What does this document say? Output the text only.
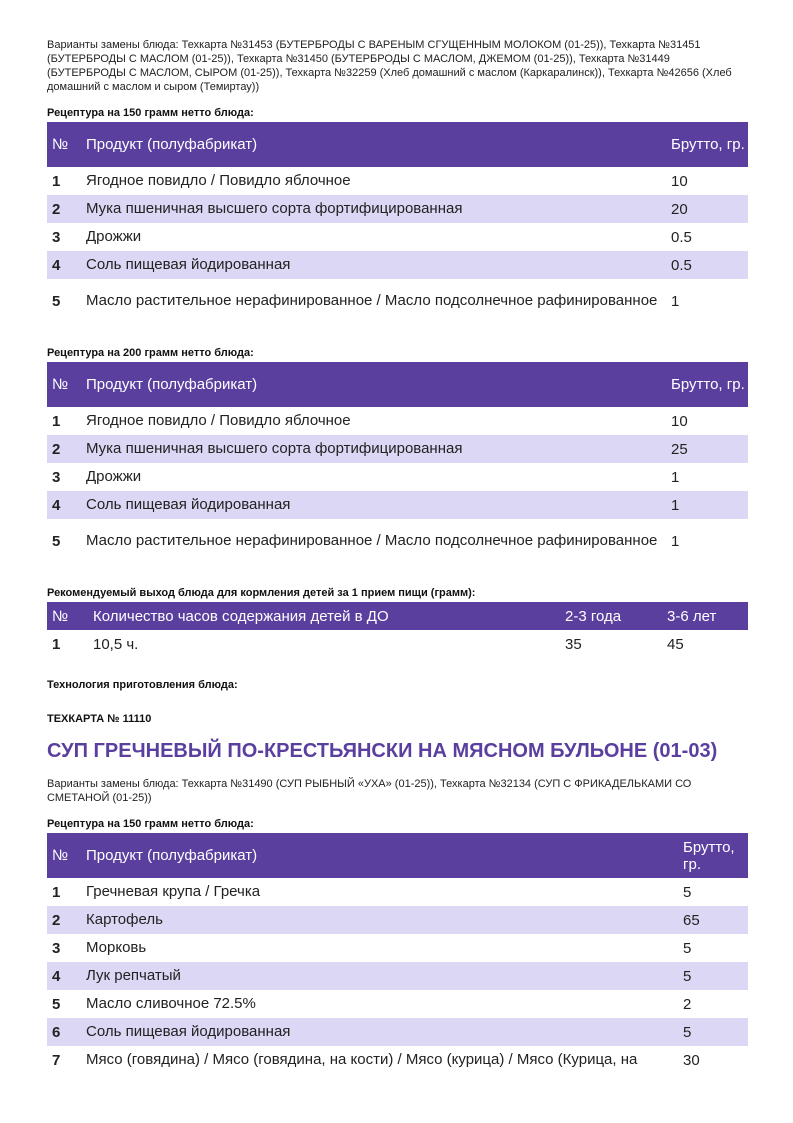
Варианты замены блюда: Техкарта №31453 (БУТЕРБРОДЫ С ВАРЕНЫМ СГУЩЕННЫМ МОЛОКОМ (01-25)), Техкарта №31451 (БУТЕРБРОДЫ С МАСЛОМ (01-25)), Техкарта №31450 (БУТЕРБРОДЫ С МАСЛОМ, ДЖЕМОМ (01-25)), Техкарта №31449 (БУТЕРБРОДЫ С МАСЛОМ, СЫРОМ (01-25)), Техкарта №32259 (Хлеб домашний с маслом (Каркаралинск)), Техкарта №42656 (Хлеб домашний с маслом и сыром (Темиртау))
Рецептура на 150 грамм нетто блюда:
№	Продукт (полуфабрикат)	Брутто, гр.
1	Ягодное повидло / Повидло яблочное	10
2	Мука пшеничная высшего сорта фортифицированная	20
3	Дрожжи	0.5
4	Соль пищевая йодированная	0.5
5	Масло растительное нерафинированное / Масло подсолнечное рафинированное	1
Рецептура на 200 грамм нетто блюда:
№	Продукт (полуфабрикат)	Брутто, гр.
1	Ягодное повидло / Повидло яблочное	10
2	Мука пшеничная высшего сорта фортифицированная	25
3	Дрожжи	1
4	Соль пищевая йодированная	1
5	Масло растительное нерафинированное / Масло подсолнечное рафинированное	1
Рекомендуемый выход блюда для кормления детей за 1 прием пищи (грамм):
№	Количество часов содержания детей в ДО	2-3 года	3-6 лет
1	10,5 ч.	35	45
Технология приготовления блюда:
ТЕХКАРТА № 11110
СУП ГРЕЧНЕВЫЙ ПО-КРЕСТЬЯНСКИ НА МЯСНОМ БУЛЬОНЕ (01-03)
Варианты замены блюда: Техкарта №31490 (СУП РЫБНЫЙ «УХА» (01-25)), Техкарта №32134 (СУП С ФРИКАДЕЛЬКАМИ СО СМЕТАНОЙ (01-25))
Рецептура на 150 грамм нетто блюда:
№	Продукт (полуфабрикат)	Брутто, гр.
1	Гречневая крупа / Гречка	5
2	Картофель	65
3	Морковь	5
4	Лук репчатый	5
5	Масло сливочное 72.5%	2
6	Соль пищевая йодированная	5
7	Мясо (говядина) / Мясо (говядина, на кости) / Мясо (курица) / Мясо (Курица, на	30
